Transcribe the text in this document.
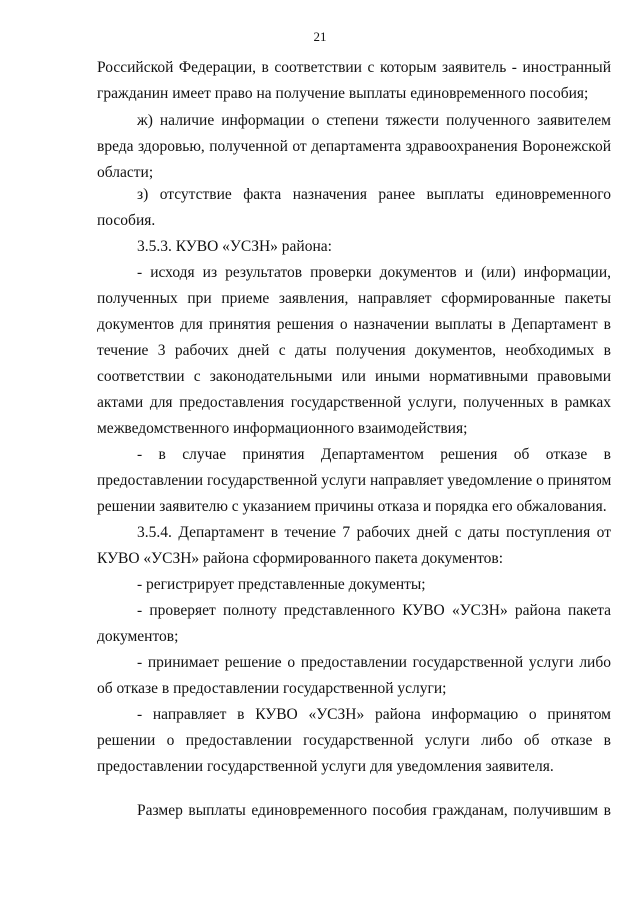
21
Российской Федерации, в соответствии с которым заявитель - иностранный
гражданин имеет право на получение выплаты единовременного пособия;
ж) наличие информации о степени тяжести полученного заявителем
вреда здоровью, полученной от департамента здравоохранения Воронежской
области;
з) отсутствие факта назначения ранее выплаты единовременного
пособия.
3.5.3. КУВО «УСЗН» района:
- исходя из результатов проверки документов и (или) информации,
полученных при приеме заявления, направляет сформированные пакеты
документов для принятия решения о назначении выплаты в Департамент в
течение 3 рабочих дней с даты получения документов, необходимых в
соответствии с законодательными или иными нормативными правовыми
актами для предоставления государственной услуги, полученных в рамках
межведомственного информационного взаимодействия;
- в случае принятия Департаментом решения об отказе в
предоставлении государственной услуги направляет уведомление о принятом
решении заявителю с указанием причины отказа и порядка его обжалования.
3.5.4. Департамент в течение 7 рабочих дней с даты поступления от
КУВО «УСЗН» района сформированного пакета документов:
- регистрирует представленные документы;
- проверяет полноту представленного КУВО «УСЗН» района пакета
документов;
- принимает решение о предоставлении государственной услуги либо
об отказе в предоставлении государственной услуги;
- направляет в КУВО «УСЗН» района информацию о принятом
решении о предоставлении государственной услуги либо об отказе в
предоставлении государственной услуги для уведомления заявителя.
Размер выплаты единовременного пособия гражданам, получившим в
